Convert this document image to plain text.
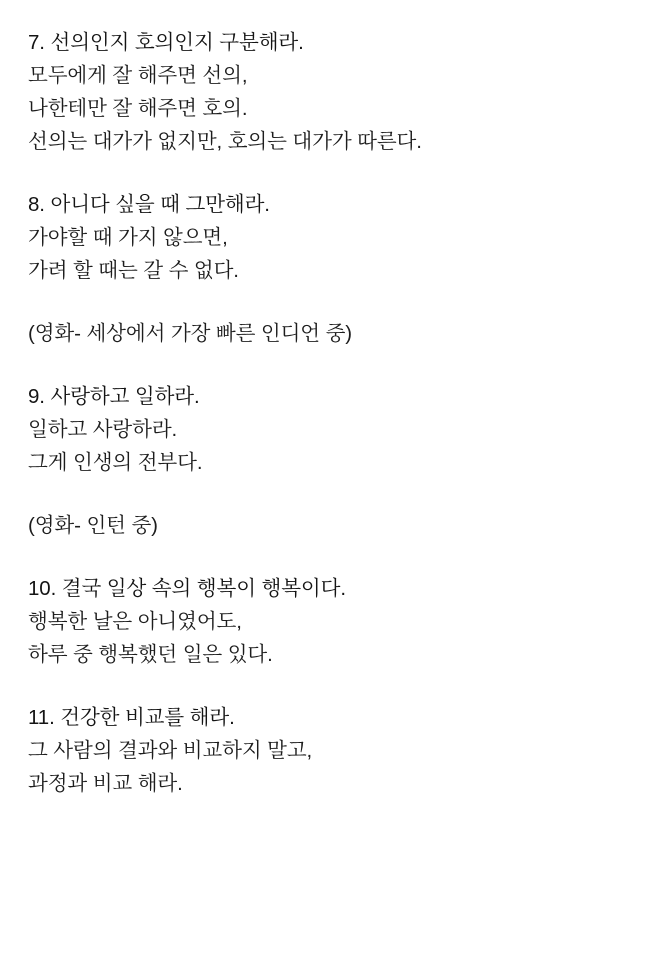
7. 선의인지 호의인지 구분해라.
모두에게 잘 해주면 선의,
나한테만 잘 해주면 호의.
선의는 대가가 없지만, 호의는 대가가 따른다.
8. 아니다 싶을 때 그만해라.
가야할 때 가지 않으면,
가려 할 때는 갈 수 없다.
(영화- 세상에서 가장 빠른 인디언 중)
9. 사랑하고 일하라.
일하고 사랑하라.
그게 인생의 전부다.
(영화- 인턴 중)
10. 결국 일상 속의 행복이 행복이다.
행복한 날은 아니였어도,
하루 중 행복했던 일은 있다.
11. 건강한 비교를 해라.
그 사람의 결과와 비교하지 말고,
과정과 비교 해라.
